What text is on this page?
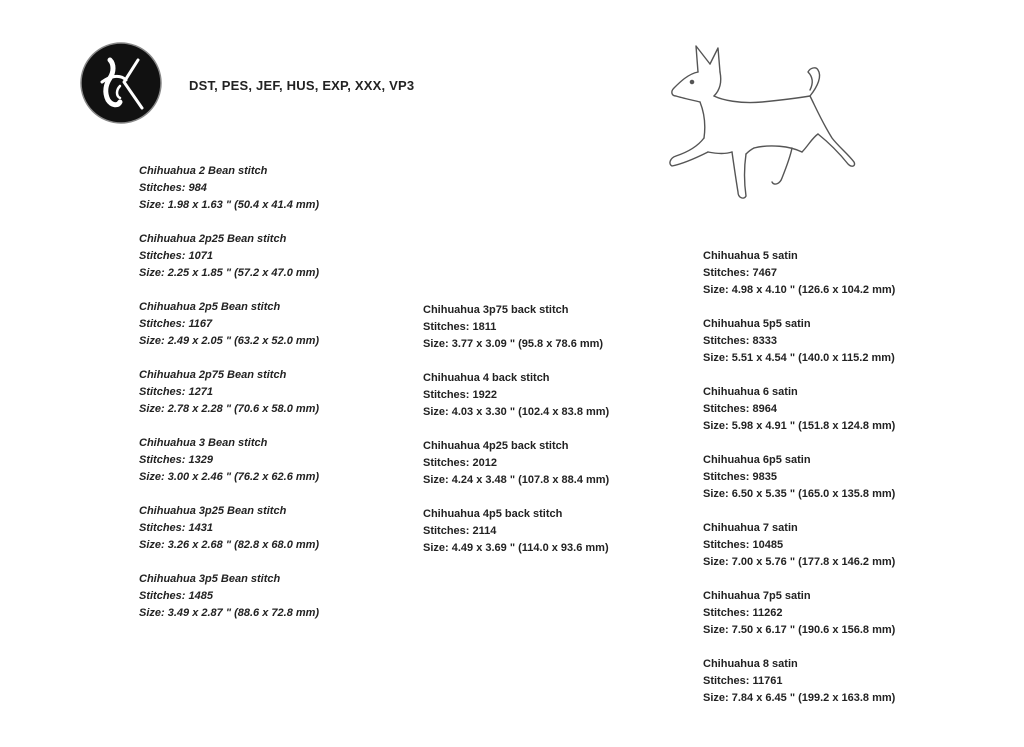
DST, PES, JEF, HUS, EXP, XXX, VP3
Chihuahua 2 Bean stitch
Stitches: 984
Size: 1.98 x 1.63 " (50.4 x 41.4 mm)
Chihuahua 2p25 Bean stitch
Stitches: 1071
Size: 2.25 x 1.85 " (57.2 x 47.0 mm)
Chihuahua 2p5 Bean stitch
Stitches: 1167
Size: 2.49 x 2.05 " (63.2 x 52.0 mm)
Chihuahua 2p75 Bean stitch
Stitches: 1271
Size: 2.78 x 2.28 " (70.6 x 58.0 mm)
Chihuahua 3 Bean stitch
Stitches: 1329
Size: 3.00 x 2.46 " (76.2 x 62.6 mm)
Chihuahua 3p25 Bean stitch
Stitches: 1431
Size: 3.26 x 2.68 " (82.8 x 68.0 mm)
Chihuahua 3p5 Bean stitch
Stitches: 1485
Size: 3.49 x 2.87 " (88.6 x 72.8 mm)
Chihuahua 3p75 back stitch
Stitches: 1811
Size: 3.77 x 3.09 " (95.8 x 78.6 mm)
Chihuahua 4 back stitch
Stitches: 1922
Size: 4.03 x 3.30 " (102.4 x 83.8 mm)
Chihuahua 4p25 back stitch
Stitches: 2012
Size: 4.24 x 3.48 " (107.8 x 88.4 mm)
Chihuahua 4p5 back stitch
Stitches: 2114
Size: 4.49 x 3.69 " (114.0 x 93.6 mm)
Chihuahua 5 satin
Stitches: 7467
Size: 4.98 x 4.10 " (126.6 x 104.2 mm)
Chihuahua 5p5 satin
Stitches: 8333
Size: 5.51 x 4.54 " (140.0 x 115.2 mm)
Chihuahua 6 satin
Stitches: 8964
Size: 5.98 x 4.91 " (151.8 x 124.8 mm)
Chihuahua 6p5 satin
Stitches: 9835
Size: 6.50 x 5.35 " (165.0 x 135.8 mm)
Chihuahua 7 satin
Stitches: 10485
Size: 7.00 x 5.76 " (177.8 x 146.2 mm)
Chihuahua 7p5 satin
Stitches: 11262
Size: 7.50 x 6.17 " (190.6 x 156.8 mm)
Chihuahua 8 satin
Stitches: 11761
Size: 7.84 x 6.45 " (199.2 x 163.8 mm)
